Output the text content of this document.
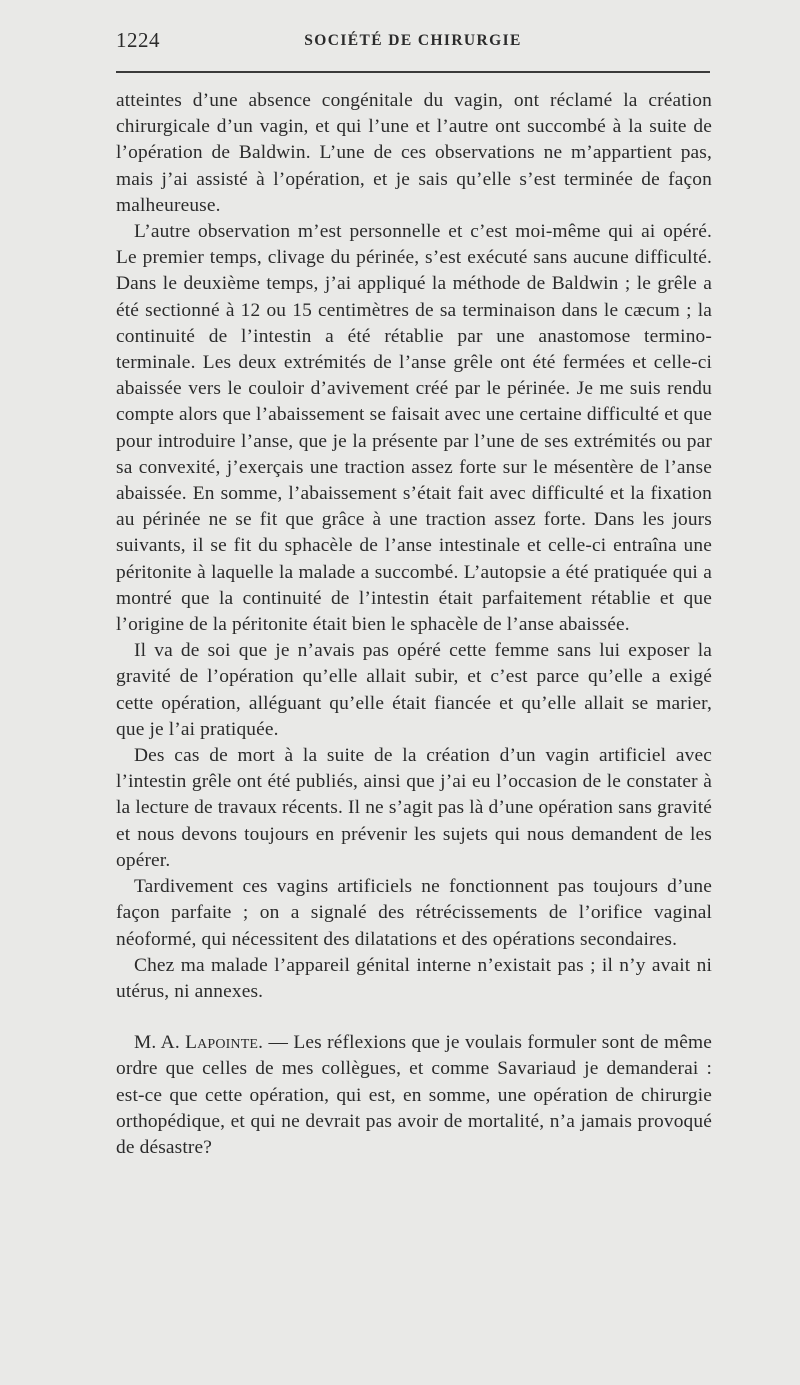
1224	SOCIÉTÉ DE CHIRURGIE

atteintes d’une absence congénitale du vagin, ont réclamé la création chirurgicale d’un vagin, et qui l’une et l’autre ont succombé à la suite de l’opération de Baldwin. L’une de ces observations ne m’appartient pas, mais j’ai assisté à l’opération, et je sais qu’elle s’est terminée de façon malheureuse.

L’autre observation m’est personnelle et c’est moi-même qui ai opéré. Le premier temps, clivage du périnée, s’est exécuté sans aucune difficulté. Dans le deuxième temps, j’ai appliqué la méthode de Baldwin ; le grêle a été sectionné à 12 ou 15 centimètres de sa terminaison dans le cæcum ; la continuité de l’intestin a été rétablie par une anastomose termino-terminale. Les deux extrémités de l’anse grêle ont été fermées et celle-ci abaissée vers le couloir d’avivement créé par le périnée. Je me suis rendu compte alors que l’abaissement se faisait avec une certaine difficulté et que pour introduire l’anse, que je la présente par l’une de ses extrémités ou par sa convexité, j’exerçais une traction assez forte sur le mésentère de l’anse abaissée. En somme, l’abaissement s’était fait avec difficulté et la fixation au périnée ne se fit que grâce à une traction assez forte. Dans les jours suivants, il se fit du sphacèle de l’anse intestinale et celle-ci entraîna une péritonite à laquelle la malade a succombé. L’autopsie a été pratiquée qui a montré que la continuité de l’intestin était parfaitement rétablie et que l’origine de la péritonite était bien le sphacèle de l’anse abaissée.

Il va de soi que je n’avais pas opéré cette femme sans lui exposer la gravité de l’opération qu’elle allait subir, et c’est parce qu’elle a exigé cette opération, alléguant qu’elle était fiancée et qu’elle allait se marier, que je l’ai pratiquée.

Des cas de mort à la suite de la création d’un vagin artificiel avec l’intestin grêle ont été publiés, ainsi que j’ai eu l’occasion de le constater à la lecture de travaux récents. Il ne s’agit pas là d’une opération sans gravité et nous devons toujours en prévenir les sujets qui nous demandent de les opérer.

Tardivement ces vagins artificiels ne fonctionnent pas toujours d’une façon parfaite ; on a signalé des rétrécissements de l’orifice vaginal néoformé, qui nécessitent des dilatations et des opérations secondaires.

Chez ma malade l’appareil génital interne n’existait pas ; il n’y avait ni utérus, ni annexes.

M. A. Lapointe. — Les réflexions que je voulais formuler sont de même ordre que celles de mes collègues, et comme Savariaud je demanderai : est-ce que cette opération, qui est, en somme, une opération de chirurgie orthopédique, et qui ne devrait pas avoir de mortalité, n’a jamais provoqué de désastre?
